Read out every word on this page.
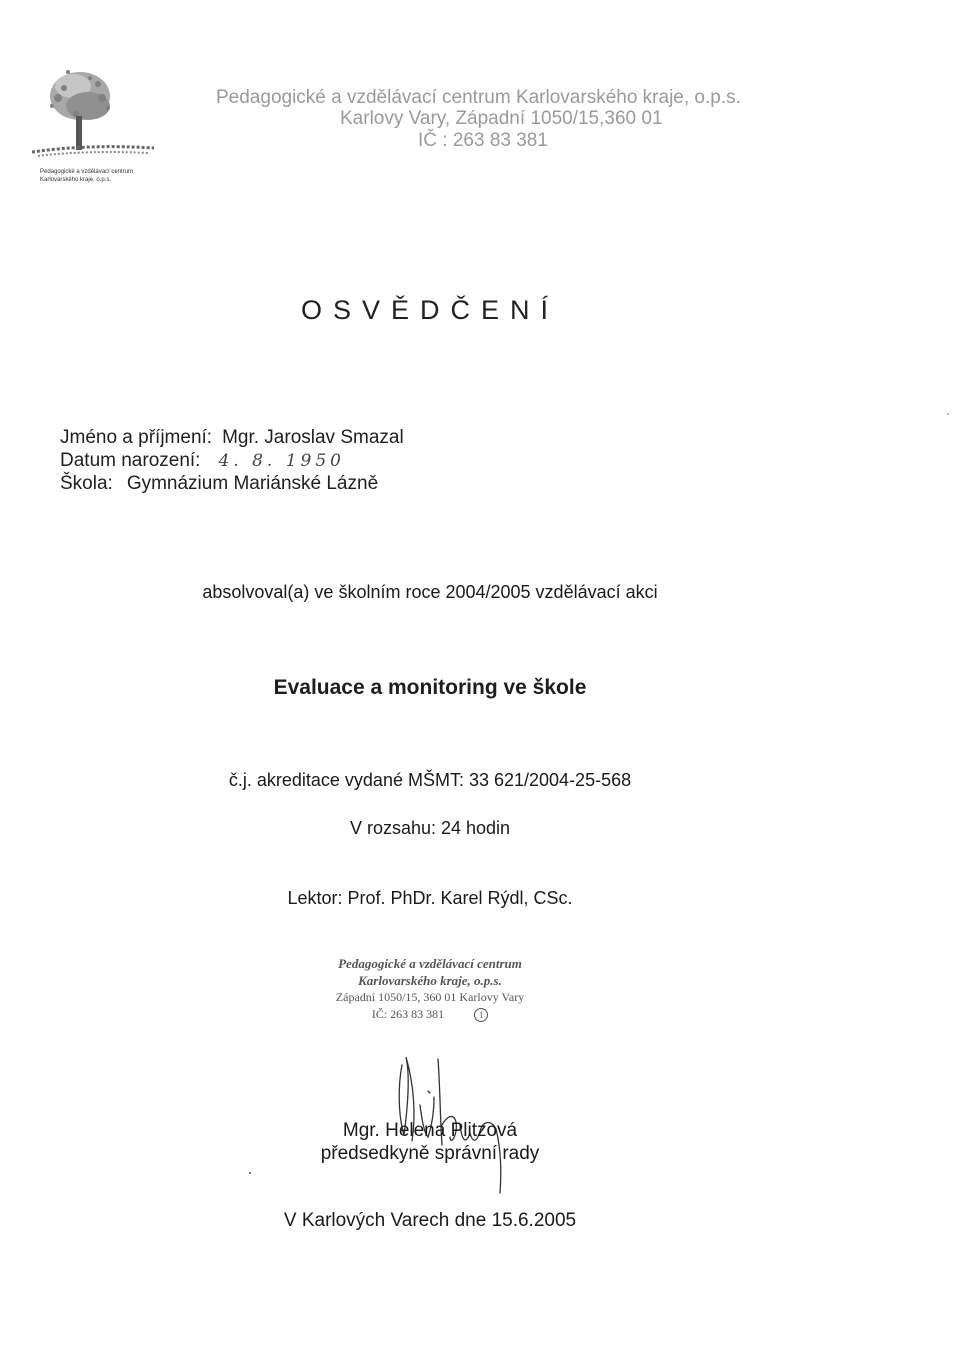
Pedagogické a vzdělávací centrum
Karlovarského kraje, o.p.s.
Pedagogické a vzdělávací centrum Karlovarského kraje, o.p.s.
Karlovy Vary, Západní 1050/15,360 01
IČ : 263 83 381
OSVĚDČENÍ
Jméno a příjmení: Mgr. Jaroslav Smazal
Datum narození: 4. 8. 1950
Škola: Gymnázium Mariánské Lázně
absolvoval(a) ve školním roce 2004/2005 vzdělávací akci
Evaluace a monitoring ve škole
č.j. akreditace vydané MŠMT: 33 621/2004-25-568
V rozsahu: 24 hodin
Lektor: Prof. PhDr. Karel Rýdl, CSc.
Pedagogické a vzdělávací centrum
Karlovarského kraje, o.p.s.
Západní 1050/15, 360 01 Karlovy Vary
IČ: 263 83 381	1
Mgr. Helena Plitzová
předsedkyně správní rady
V Karlových Varech dne 15.6.2005
